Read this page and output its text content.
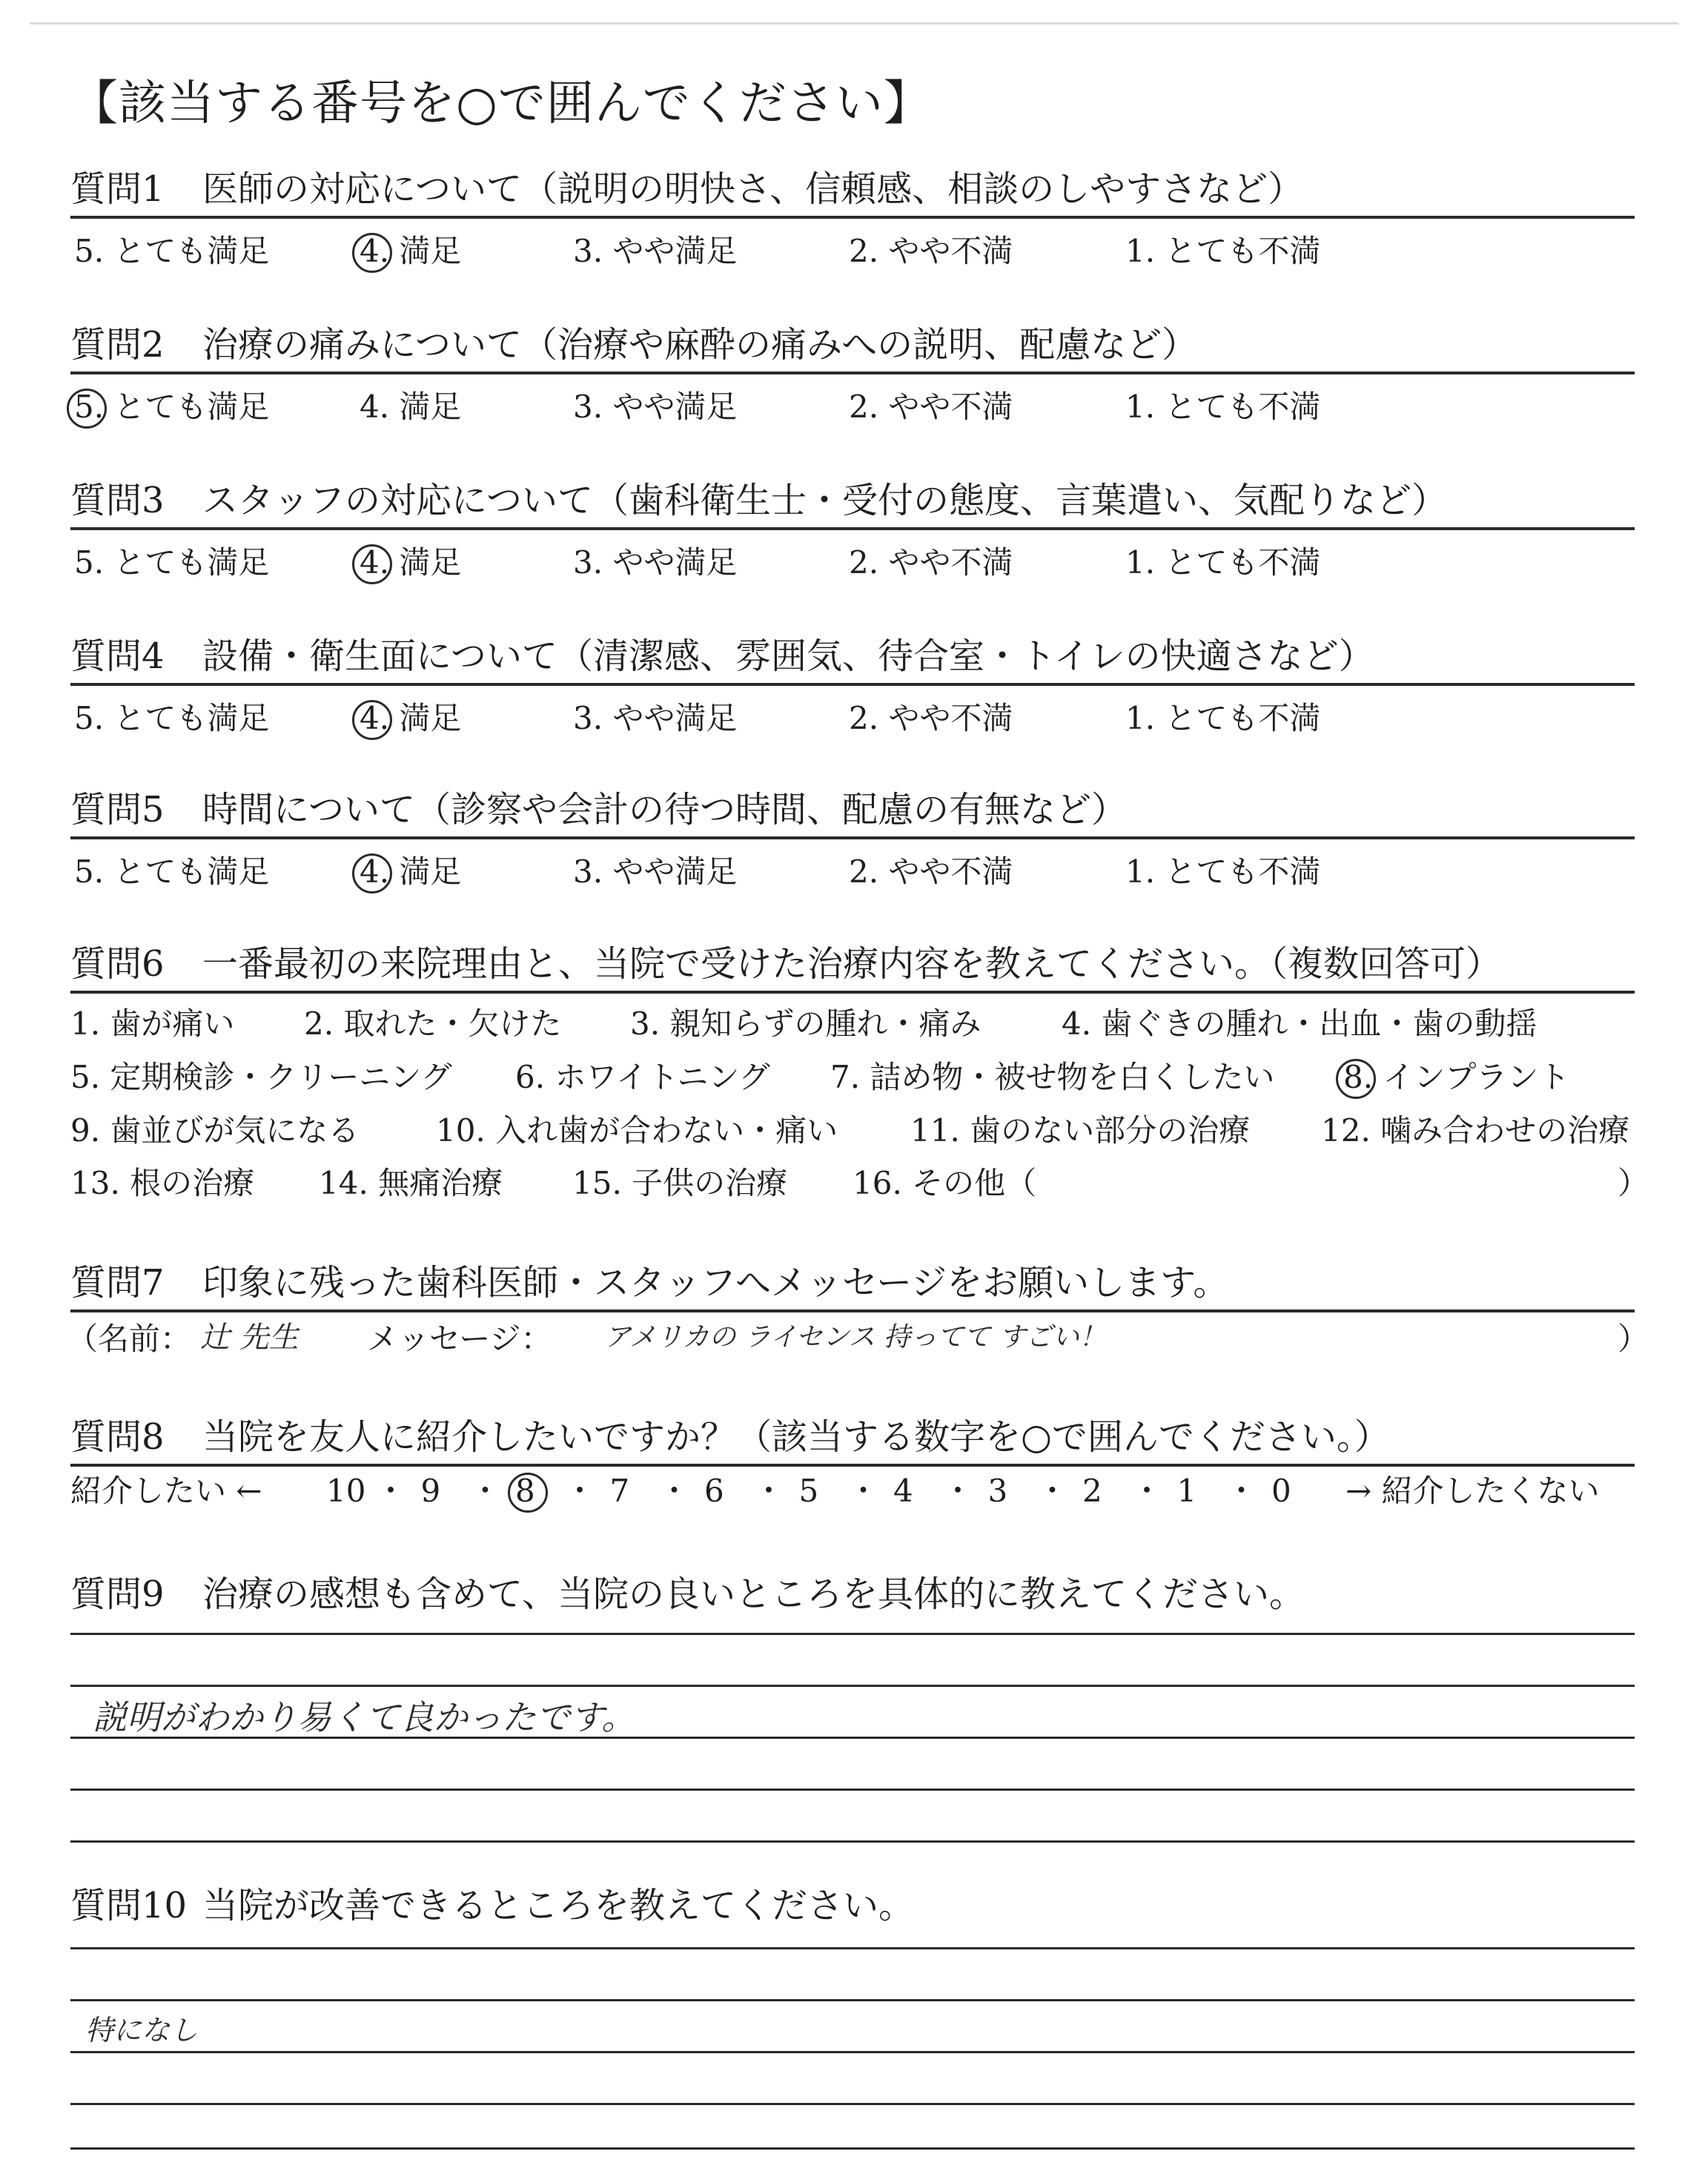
【該当する番号を○で囲んでください】
質問1 医師の対応について（説明の明快さ、信頼感、相談のしやすさなど）
5. とても満足	4. 満足	3. やや満足	2. やや不満	1. とても不満
質問2 治療の痛みについて（治療や麻酔の痛みへの説明、配慮など）
5. とても満足	4. 満足	3. やや満足	2. やや不満	1. とても不満
質問3 スタッフの対応について（歯科衛生士・受付の態度、言葉遣い、気配りなど）
5. とても満足	4. 満足	3. やや満足	2. やや不満	1. とても不満
質問4 設備・衛生面について（清潔感、雰囲気、待合室・トイレの快適さなど）
5. とても満足	4. 満足	3. やや満足	2. やや不満	1. とても不満
質問5 時間について（診察や会計の待つ時間、配慮の有無など）
5. とても満足	4. 満足	3. やや満足	2. やや不満	1. とても不満
質問6 一番最初の来院理由と、当院で受けた治療内容を教えてください。（複数回答可）
1. 歯が痛い 2. 取れた・欠けた 3. 親知らずの腫れ・痛み	4. 歯ぐきの腫れ・出血・歯の動揺
5. 定期検診・クリーニング 6. ホワイトニング 7. 詰め物・被せ物を白くしたい 8. インプラント
9. 歯並びが気になる 10. 入れ歯が合わない・痛い 11. 歯のない部分の治療 12. 噛み合わせの治療
13. 根の治療 14. 無痛治療 15. 子供の治療 16. その他（	）
質問7 印象に残った歯科医師・スタッフへメッセージをお願いします。
（名前： 辻 先生 メッセージ： アメリカの ライセンス 持ってて すごい！	）
質問8 当院を友人に紹介したいですか？（該当する数字を○で囲んでください。）
紹介したい ← 10 ・ 9 ・ 8 ・ 7 ・ 6 ・ 5 ・ 4 ・ 3 ・ 2 ・ 1 ・ 0 → 紹介したくない
質問9 治療の感想も含めて、当院の良いところを具体的に教えてください。
説明がわかり易くて良かったです。
質問10 当院が改善できるところを教えてください。
特になし
